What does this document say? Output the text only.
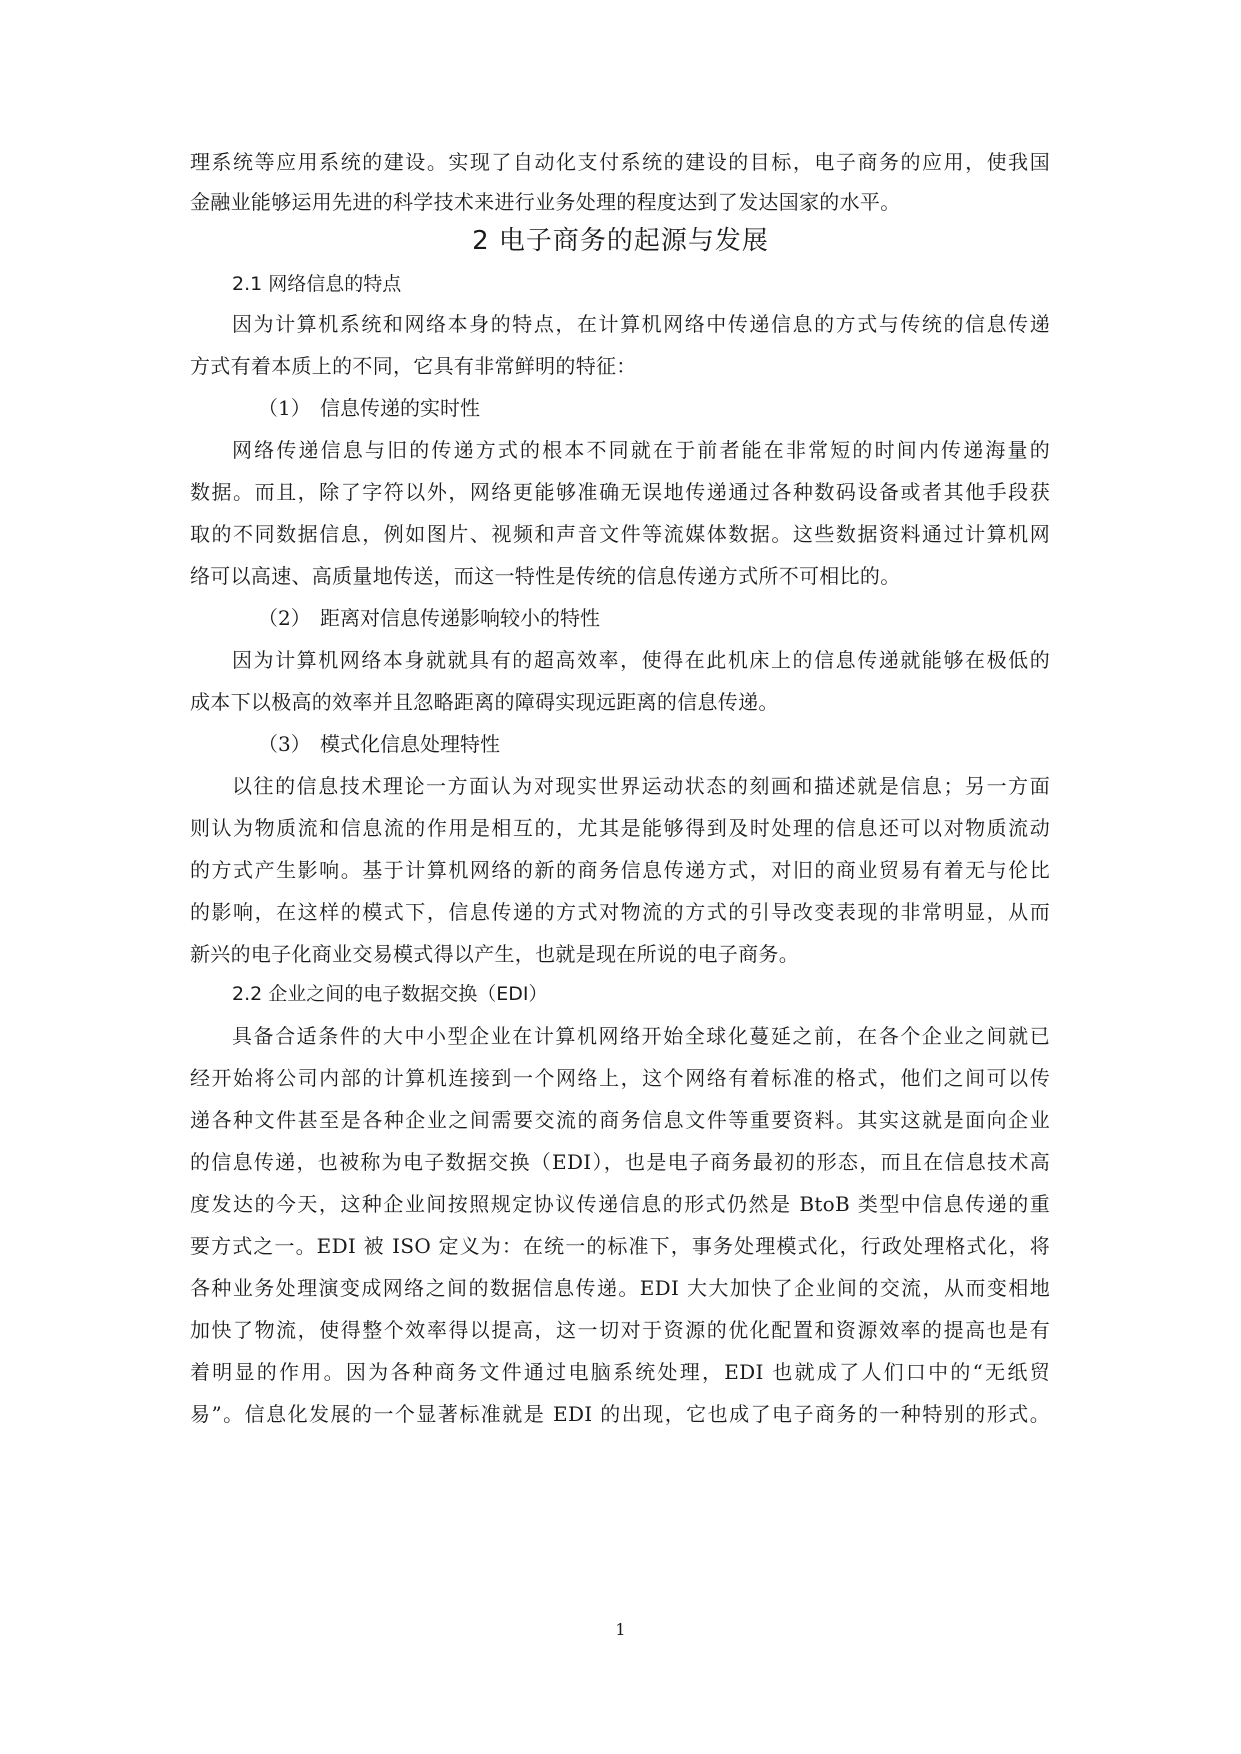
理系统等应用系统的建设。实现了自动化支付系统的建设的目标，电子商务的应用，使我国
金融业能够运用先进的科学技术来进行业务处理的程度达到了发达国家的水平。
2 电子商务的起源与发展
2.1 网络信息的特点
因为计算机系统和网络本身的特点，在计算机网络中传递信息的方式与传统的信息传递
方式有着本质上的不同，它具有非常鲜明的特征：
（1） 信息传递的实时性
网络传递信息与旧的传递方式的根本不同就在于前者能在非常短的时间内传递海量的
数据。而且，除了字符以外，网络更能够准确无误地传递通过各种数码设备或者其他手段获
取的不同数据信息，例如图片、视频和声音文件等流媒体数据。这些数据资料通过计算机网
络可以高速、高质量地传送，而这一特性是传统的信息传递方式所不可相比的。
（2） 距离对信息传递影响较小的特性
因为计算机网络本身就就具有的超高效率，使得在此机床上的信息传递就能够在极低的
成本下以极高的效率并且忽略距离的障碍实现远距离的信息传递。
（3） 模式化信息处理特性
以往的信息技术理论一方面认为对现实世界运动状态的刻画和描述就是信息；另一方面
则认为物质流和信息流的作用是相互的，尤其是能够得到及时处理的信息还可以对物质流动
的方式产生影响。基于计算机网络的新的商务信息传递方式，对旧的商业贸易有着无与伦比
的影响，在这样的模式下，信息传递的方式对物流的方式的引导改变表现的非常明显，从而
新兴的电子化商业交易模式得以产生，也就是现在所说的电子商务。
2.2 企业之间的电子数据交换（EDI）
具备合适条件的大中小型企业在计算机网络开始全球化蔓延之前，在各个企业之间就已
经开始将公司内部的计算机连接到一个网络上，这个网络有着标准的格式，他们之间可以传
递各种文件甚至是各种企业之间需要交流的商务信息文件等重要资料。其实这就是面向企业
的信息传递，也被称为电子数据交换（EDI），也是电子商务最初的形态，而且在信息技术高
度发达的今天，这种企业间按照规定协议传递信息的形式仍然是 BtoB 类型中信息传递的重
要方式之一。EDI 被 ISO 定义为：在统一的标准下，事务处理模式化，行政处理格式化，将
各种业务处理演变成网络之间的数据信息传递。EDI 大大加快了企业间的交流，从而变相地
加快了物流，使得整个效率得以提高，这一切对于资源的优化配置和资源效率的提高也是有
着明显的作用。因为各种商务文件通过电脑系统处理，EDI 也就成了人们口中的“无纸贸
易”。信息化发展的一个显著标准就是 EDI 的出现，它也成了电子商务的一种特别的形式。
1
